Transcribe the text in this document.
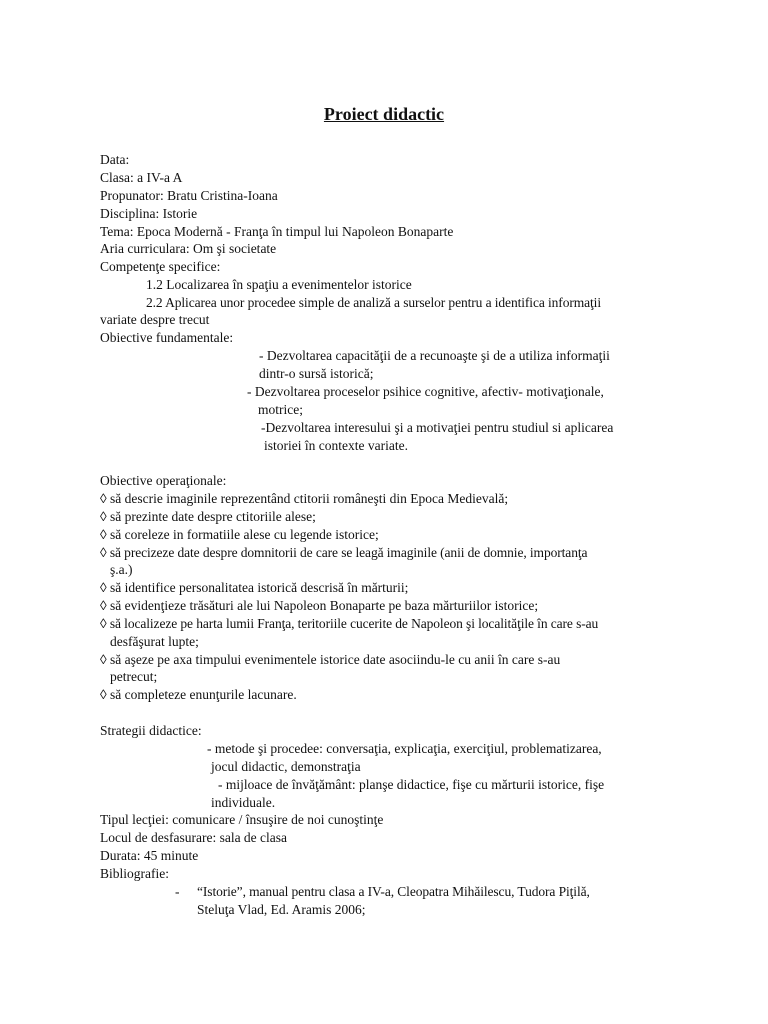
Proiect didactic
Data:
Clasa: a IV-a A
Propunator: Bratu Cristina-Ioana
Disciplina: Istorie
Tema: Epoca Modernă - Franţa în timpul lui Napoleon Bonaparte
Aria curriculara: Om şi societate
Competenţe specifice:
1.2 Localizarea în spaţiu a evenimentelor istorice
2.2 Aplicarea unor procedee simple de analiză a surselor pentru a identifica informaţii
variate despre trecut
Obiective fundamentale:
- Dezvoltarea capacităţii de a recunoaşte şi de a utiliza informaţii
dintr-o sursă istorică;
- Dezvoltarea proceselor psihice cognitive, afectiv- motivaţionale,
motrice;
-Dezvoltarea interesului şi a motivaţiei pentru studiul si aplicarea
istoriei în contexte variate.
Obiective operaţionale:
◊ să descrie imaginile reprezentând ctitorii româneşti din Epoca Medievală;
◊ să prezinte date despre ctitoriile alese;
◊ să coreleze in formatiile alese cu legende istorice;
◊ să precizeze date despre domnitorii de care se leagă imaginile (anii de domnie, importanţa
ş.a.)
◊ să identifice personalitatea istorică descrisă în mărturii;
◊ să evidenţieze trăsături ale lui Napoleon Bonaparte pe baza mărturiilor istorice;
◊ să localizeze pe harta lumii Franţa, teritoriile cucerite de Napoleon şi localităţile în care s-au
desfăşurat lupte;
◊ să aşeze pe axa timpului evenimentele istorice date asociindu-le cu anii în care s-au
petrecut;
◊ să completeze enunţurile lacunare.
Strategii didactice:
- metode şi procedee: conversaţia, explicaţia, exerciţiul, problematizarea,
jocul didactic, demonstraţia
- mijloace de învăţământ: planşe didactice, fişe cu mărturii istorice, fişe
individuale.
Tipul lecţiei: comunicare / însuşire de noi cunoştinţe
Locul de desfasurare: sala de clasa
Durata: 45 minute
Bibliografie:
- “Istorie”, manual pentru clasa a IV-a, Cleopatra Mihăilescu, Tudora Piţilă,
Steluţa Vlad, Ed. Aramis 2006;
